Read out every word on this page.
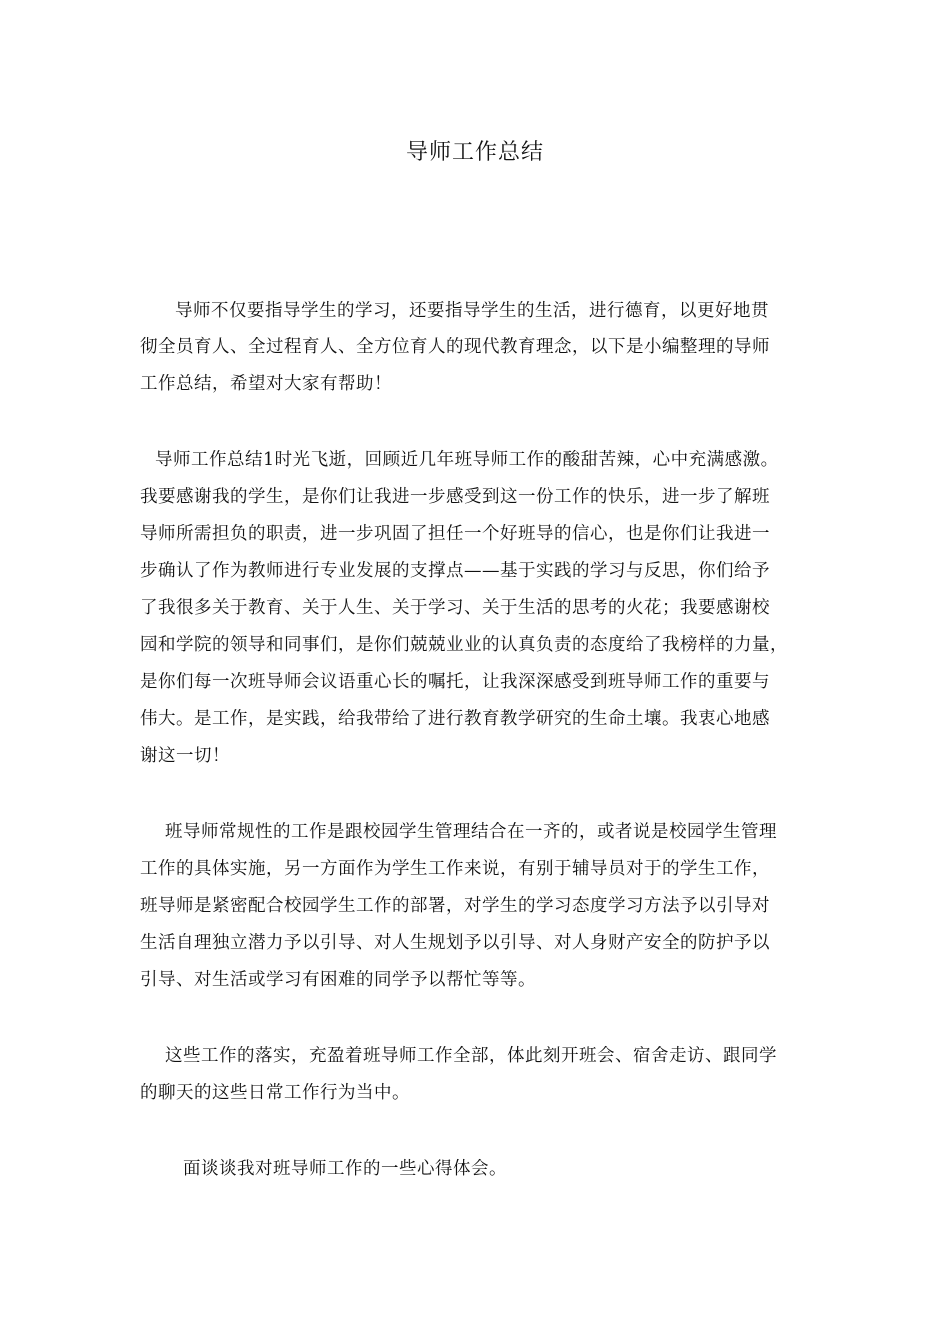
导师工作总结
导师不仅要指导学生的学习，还要指导学生的生活，进行德育，以更好地贯
彻全员育人、全过程育人、全方位育人的现代教育理念，以下是小编整理的导师
工作总结，希望对大家有帮助！
导师工作总结1时光飞逝，回顾近几年班导师工作的酸甜苦辣，心中充满感激。
我要感谢我的学生，是你们让我进一步感受到这一份工作的快乐，进一步了解班
导师所需担负的职责，进一步巩固了担任一个好班导的信心，也是你们让我进一
步确认了作为教师进行专业发展的支撑点——基于实践的学习与反思，你们给予
了我很多关于教育、关于人生、关于学习、关于生活的思考的火花；我要感谢校
园和学院的领导和同事们，是你们兢兢业业的认真负责的态度给了我榜样的力量，
是你们每一次班导师会议语重心长的嘱托，让我深深感受到班导师工作的重要与
伟大。是工作，是实践，给我带给了进行教育教学研究的生命土壤。我衷心地感
谢这一切！
班导师常规性的工作是跟校园学生管理结合在一齐的，或者说是校园学生管理
工作的具体实施，另一方面作为学生工作来说，有别于辅导员对于的学生工作，
班导师是紧密配合校园学生工作的部署，对学生的学习态度学习方法予以引导对
生活自理独立潜力予以引导、对人生规划予以引导、对人身财产安全的防护予以
引导、对生活或学习有困难的同学予以帮忙等等。
这些工作的落实，充盈着班导师工作全部，体此刻开班会、宿舍走访、跟同学
的聊天的这些日常工作行为当中。
面谈谈我对班导师工作的一些心得体会。
